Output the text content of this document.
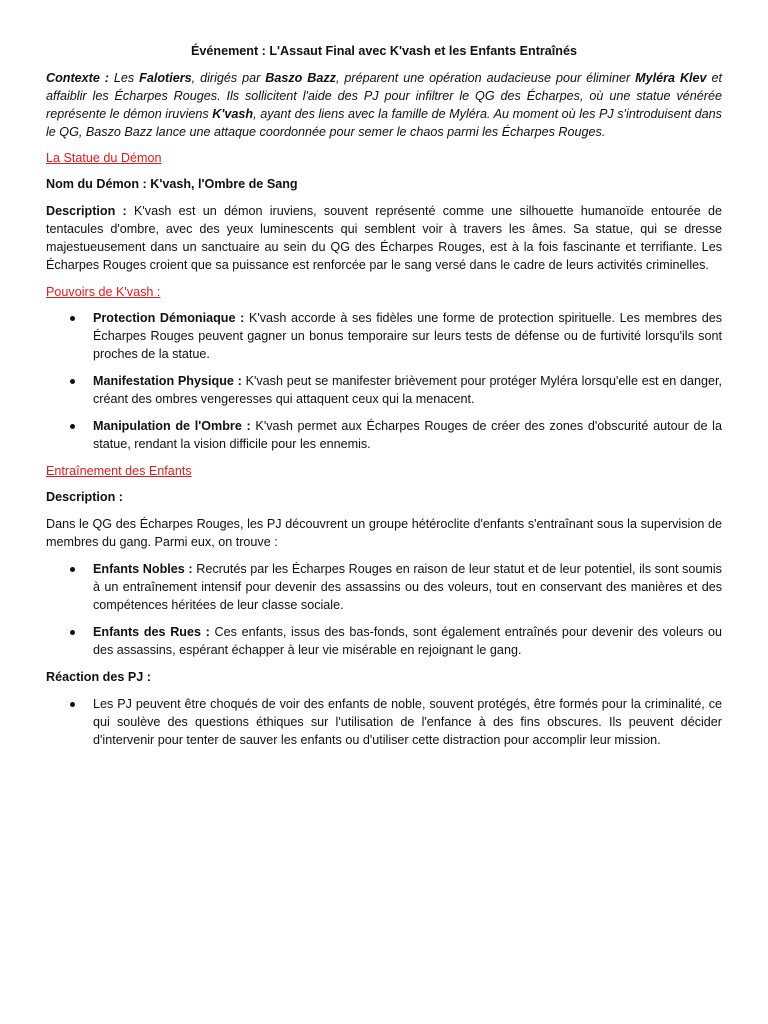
Événement : L'Assaut Final avec K'vash et les Enfants Entraînés

Contexte : Les Falotiers, dirigés par Baszo Bazz, préparent une opération audacieuse pour éliminer Myléra Klev et affaiblir les Écharpes Rouges. Ils sollicitent l'aide des PJ pour infiltrer le QG des Écharpes, où une statue vénérée représente le démon iruviens K'vash, ayant des liens avec la famille de Myléra. Au moment où les PJ s'introduisent dans le QG, Baszo Bazz lance une attaque coordonnée pour semer le chaos parmi les Écharpes Rouges.

La Statue du Démon

Nom du Démon : K'vash, l'Ombre de Sang

Description : K'vash est un démon iruviens, souvent représenté comme une silhouette humanoïde entourée de tentacules d'ombre, avec des yeux luminescents qui semblent voir à travers les âmes. Sa statue, qui se dresse majestueusement dans un sanctuaire au sein du QG des Écharpes Rouges, est à la fois fascinante et terrifiante. Les Écharpes Rouges croient que sa puissance est renforcée par le sang versé dans le cadre de leurs activités criminelles.

Pouvoirs de K'vash :

Protection Démoniaque : K'vash accorde à ses fidèles une forme de protection spirituelle. Les membres des Écharpes Rouges peuvent gagner un bonus temporaire sur leurs tests de défense ou de furtivité lorsqu'ils sont proches de la statue.
Manifestation Physique : K'vash peut se manifester brièvement pour protéger Myléra lorsqu'elle est en danger, créant des ombres vengeresses qui attaquent ceux qui la menacent.
Manipulation de l'Ombre : K'vash permet aux Écharpes Rouges de créer des zones d'obscurité autour de la statue, rendant la vision difficile pour les ennemis.

Entraînement des Enfants

Description :

Dans le QG des Écharpes Rouges, les PJ découvrent un groupe hétéroclite d'enfants s'entraînant sous la supervision de membres du gang. Parmi eux, on trouve :

Enfants Nobles : Recrutés par les Écharpes Rouges en raison de leur statut et de leur potentiel, ils sont soumis à un entraînement intensif pour devenir des assassins ou des voleurs, tout en conservant des manières et des compétences héritées de leur classe sociale.
Enfants des Rues : Ces enfants, issus des bas-fonds, sont également entraînés pour devenir des voleurs ou des assassins, espérant échapper à leur vie misérable en rejoignant le gang.

Réaction des PJ :

Les PJ peuvent être choqués de voir des enfants de noble, souvent protégés, être formés pour la criminalité, ce qui soulève des questions éthiques sur l'utilisation de l'enfance à des fins obscures. Ils peuvent décider d'intervenir pour tenter de sauver les enfants ou d'utiliser cette distraction pour accomplir leur mission.
